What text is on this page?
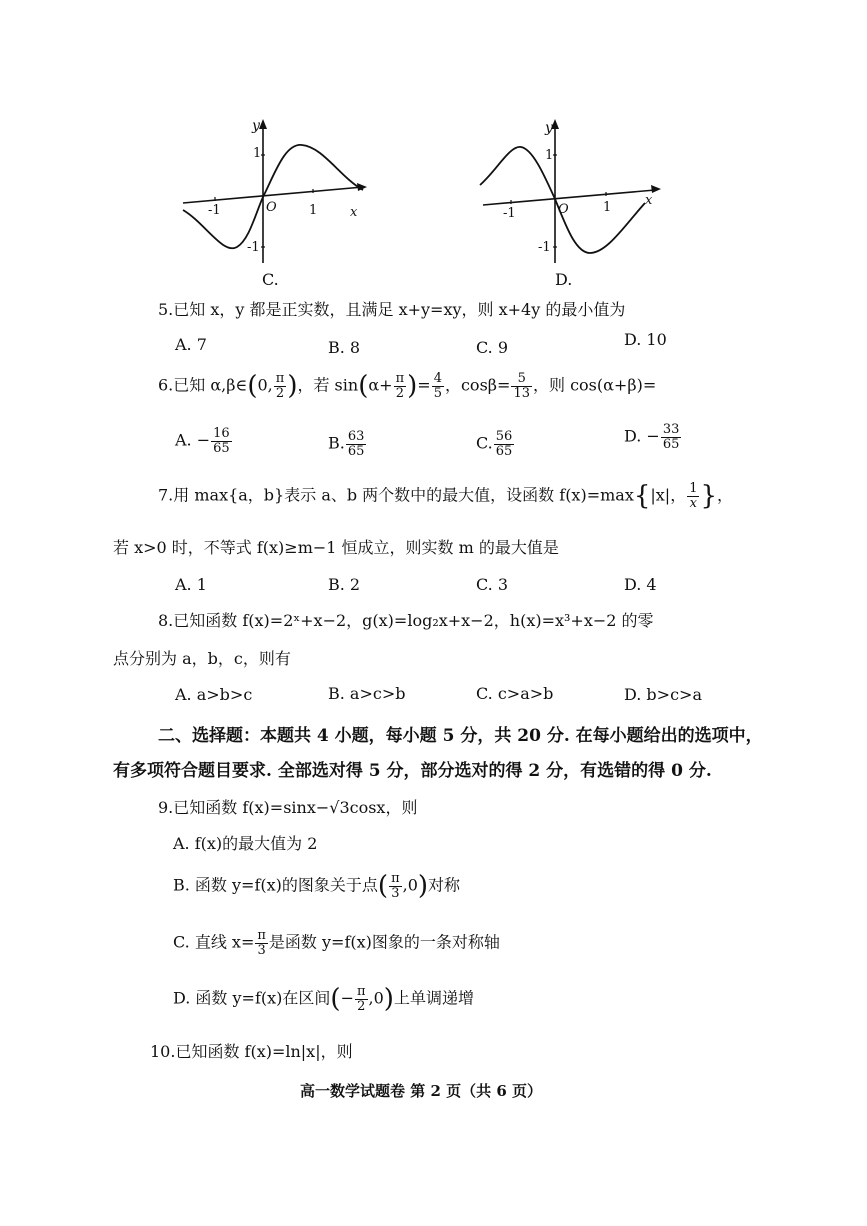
y
1
-1
-1	1
O	x
C.
y
1
-1
-1	1
O
x
D.
5.已知 x，y 都是正实数，且满足 x+y=xy，则 x+4y 的最小值为
A. 7	B. 8	C. 9	D. 10
6.已知 α,β∈(0, $\frac{\pi}{2}$ )，若 $\sin(\alpha+ \frac{\pi}{2}$ )= $\frac{4}{5}$ ，$\cos\beta= \frac{5}{13}$ ，则 cos(α+β)=
A. − $\frac{16}{65}$	B. $\frac{63}{65}$	C. $\frac{56}{65}$	D. − $\frac{33}{65}$
7.用 max{a，b}表示 a、b 两个数中的最大值，设函数 f(x)=max{|x|， $\frac{1}{x}$ }，
若 x>0 时，不等式 f(x)≥m−1 恒成立，则实数 m 的最大值是
A. 1	B. 2	C. 3	D. 4
8.已知函数 f(x)=2ˣ+x−2，g(x)=log₂x+x−2，h(x)=x³+x−2 的零
点分别为 a，b，c，则有
A. a>b>c	B. a>c>b	C. c>a>b	D. b>c>a
二、选择题：本题共 4 小题，每小题 5 分，共 20 分. 在每小题给出的选项中，
有多项符合题目要求. 全部选对得 5 分，部分选对的得 2 分，有选错的得 0 分.
9.已知函数 f(x)=sinx−√3cosx，则
A. f(x)的最大值为 2
B. 函数 y=f(x)的图象关于点( $\frac{\pi}{3} ,0$)对称
C. 直线 $x= \frac{\pi}{3}$ 是函数 y=f(x)图象的一条对称轴
D. 函数 y=f(x)在区间(− $\frac{\pi}{2} ,0$)上单调递增
10.已知函数 f(x)=ln|x|，则
高一数学试题卷 第 2 页（共 6 页）
